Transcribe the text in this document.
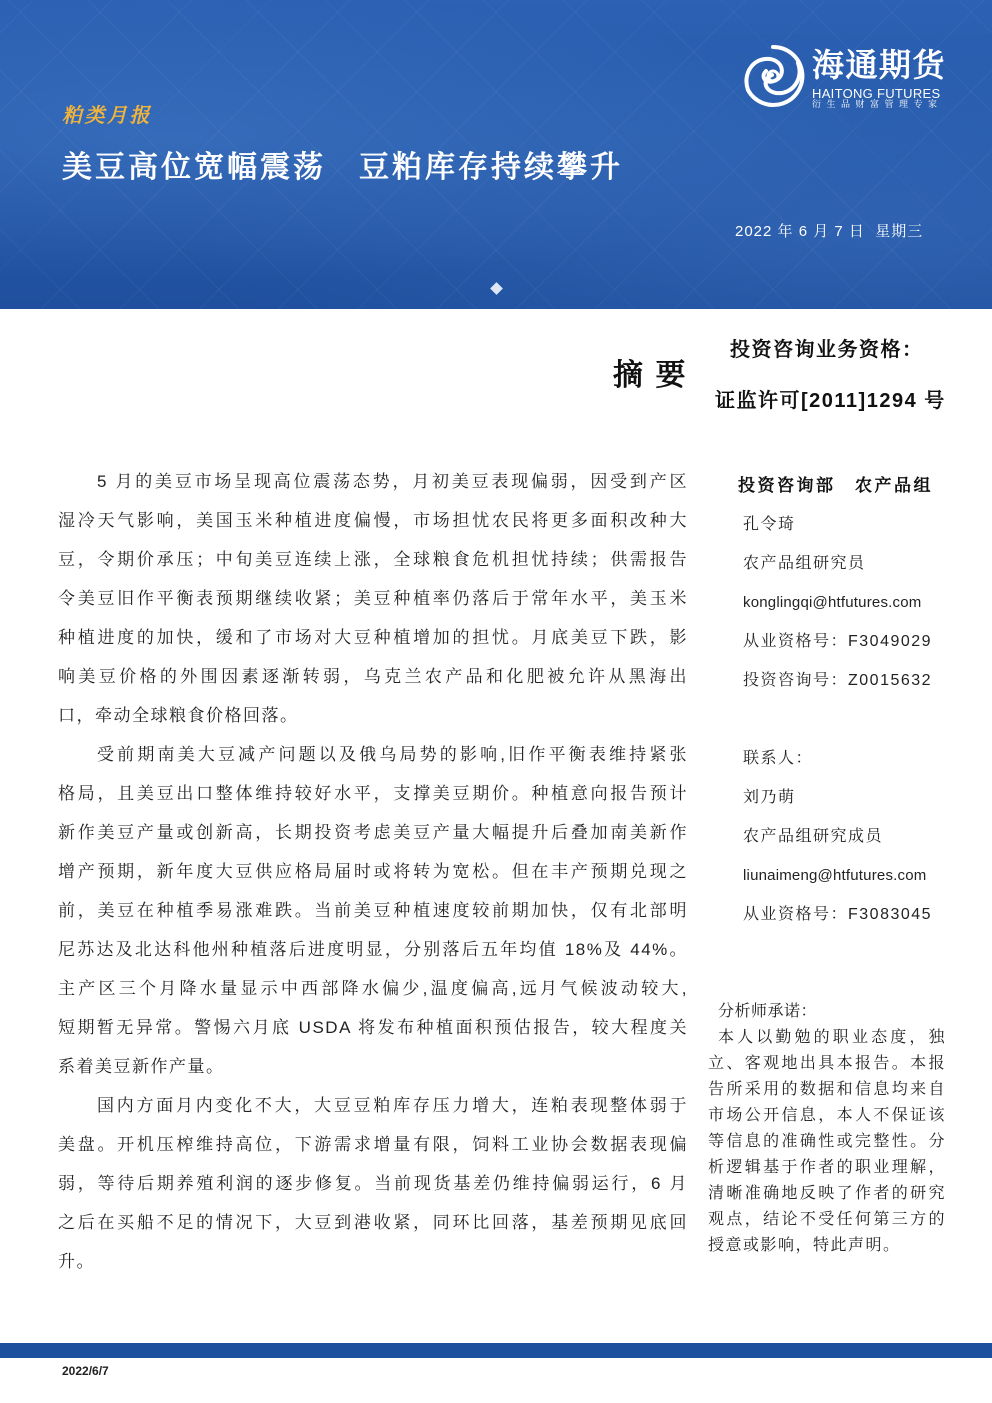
粕类月报
美豆高位宽幅震荡　豆粕库存持续攀升
2022 年 6 月 7 日  星期三
海通期货
HAITONG FUTURES
衍生品财富管理专家
摘 要
投资咨询业务资格：
证监许可[2011]1294 号
5 月的美豆市场呈现高位震荡态势，月初美豆表现偏弱，因受到产区
湿冷天气影响，美国玉米种植进度偏慢，市场担忧农民将更多面积改种大
豆，令期价承压；中旬美豆连续上涨，全球粮食危机担忧持续；供需报告
令美豆旧作平衡表预期继续收紧；美豆种植率仍落后于常年水平，美玉米
种植进度的加快，缓和了市场对大豆种植增加的担忧。月底美豆下跌，影
响美豆价格的外围因素逐渐转弱，乌克兰农产品和化肥被允许从黑海出
口，牵动全球粮食价格回落。
受前期南美大豆减产问题以及俄乌局势的影响,旧作平衡表维持紧张
格局，且美豆出口整体维持较好水平，支撑美豆期价。种植意向报告预计
新作美豆产量或创新高，长期投资考虑美豆产量大幅提升后叠加南美新作
增产预期，新年度大豆供应格局届时或将转为宽松。但在丰产预期兑现之
前，美豆在种植季易涨难跌。当前美豆种植速度较前期加快，仅有北部明
尼苏达及北达科他州种植落后进度明显，分别落后五年均值 18%及 44%。
主产区三个月降水量显示中西部降水偏少,温度偏高,远月气候波动较大,
短期暂无异常。警惕六月底 USDA 将发布种植面积预估报告，较大程度关
系着美豆新作产量。
国内方面月内变化不大，大豆豆粕库存压力增大，连粕表现整体弱于
美盘。开机压榨维持高位，下游需求增量有限，饲料工业协会数据表现偏
弱，等待后期养殖利润的逐步修复。当前现货基差仍维持偏弱运行，6 月
之后在买船不足的情况下，大豆到港收紧，同环比回落，基差预期见底回
升。
投资咨询部　农产品组
孔令琦
农产品组研究员
konglingqi@htfutures.com
从业资格号：F3049029
投资咨询号：Z0015632
联系人：
刘乃萌
农产品组研究成员
liunaimeng@htfutures.com
从业资格号：F3083045
分析师承诺：
本人以勤勉的职业态度，独
立、客观地出具本报告。本报
告所采用的数据和信息均来自
市场公开信息，本人不保证该
等信息的准确性或完整性。分
析逻辑基于作者的职业理解，
清晰准确地反映了作者的研究
观点，结论不受任何第三方的
授意或影响，特此声明。
2022/6/7
